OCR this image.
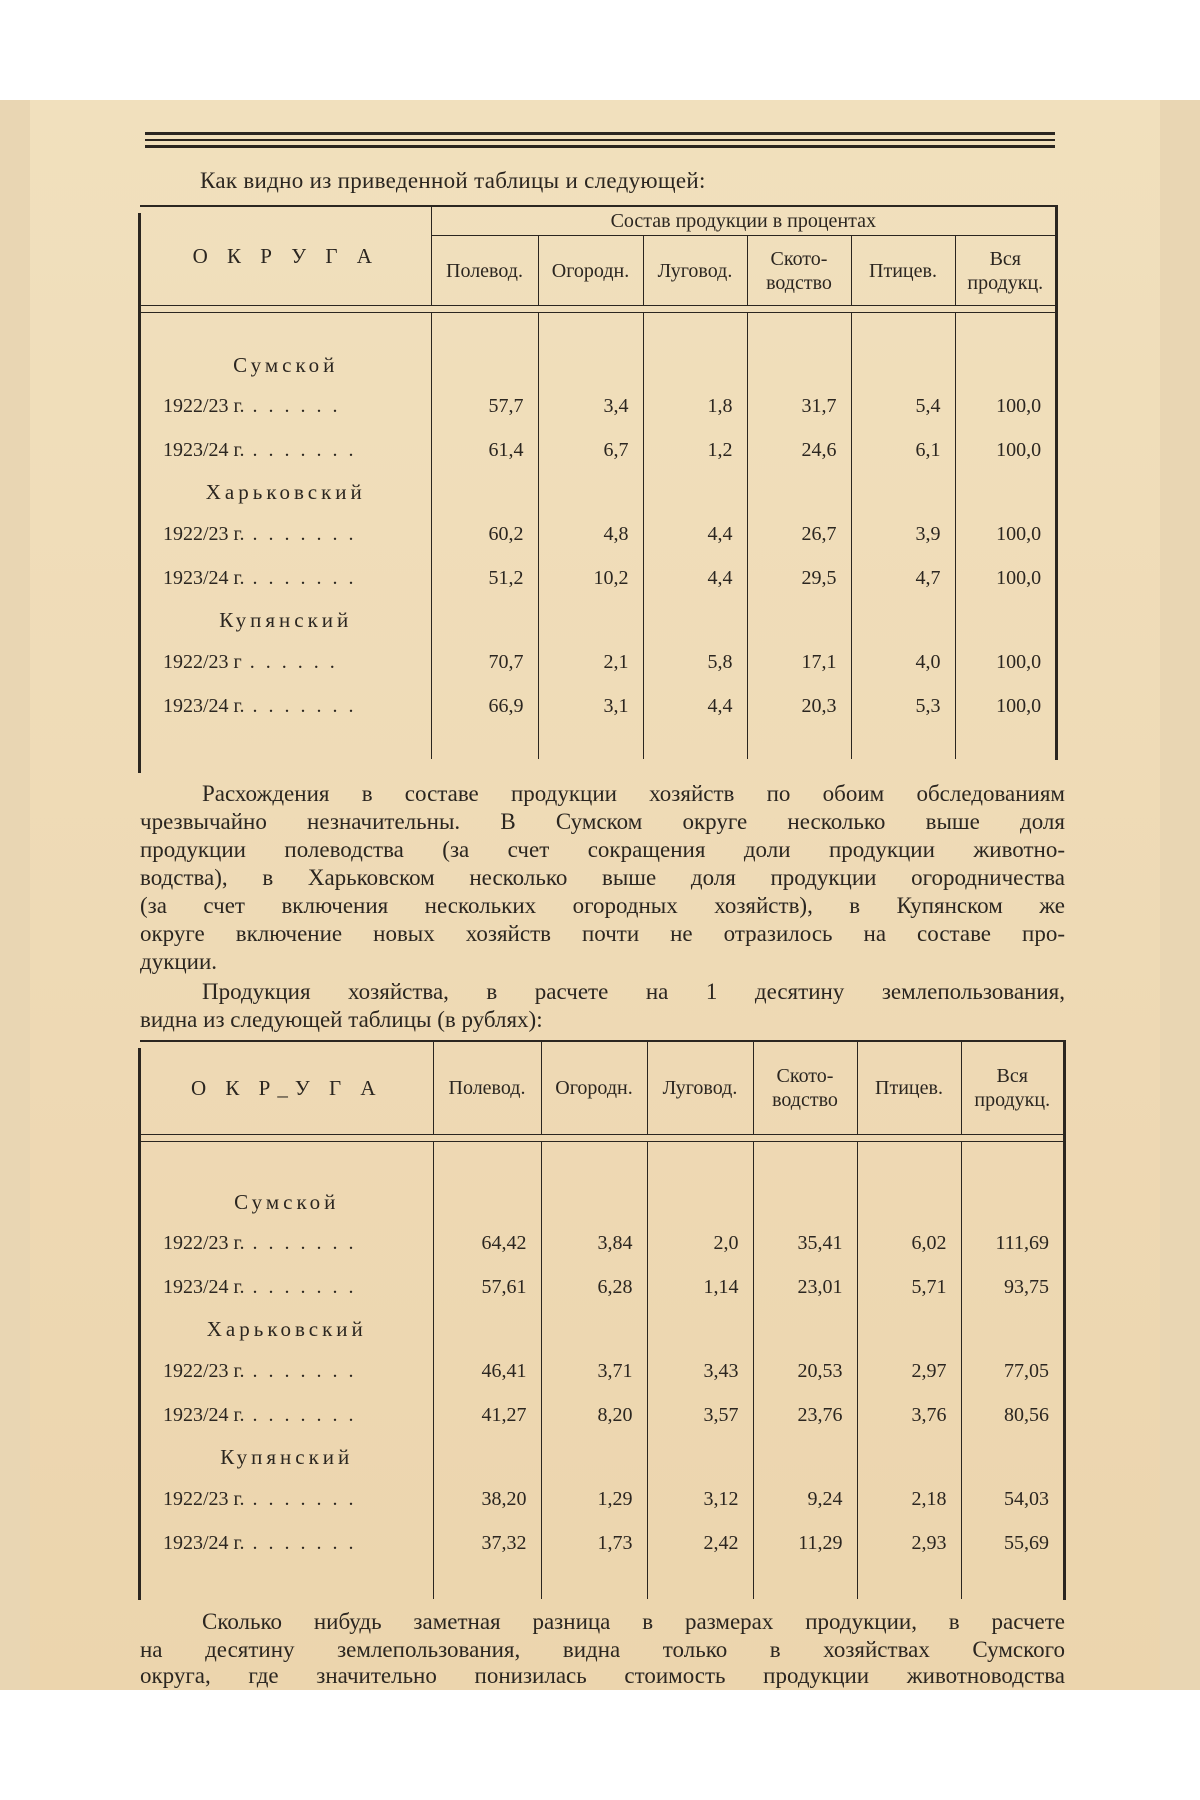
Как видно из приведенной таблицы и следующей:
О К Р У Г А	Состав продукции в процентах					
	Полевод.	Огородн.	Луговод.	Ското- водство	Птицев.	Вся продукц.

Сумской						
1922/23 г. . . . . . .	57,7	3,4	1,8	31,7	5,4	100,0
1923/24 г. . . . . . . .	61,4	6,7	1,2	24,6	6,1	100,0
Харьковский						
1922/23 г. . . . . . . .	60,2	4,8	4,4	26,7	3,9	100,0
1923/24 г. . . . . . . .	51,2	10,2	4,4	29,5	4,7	100,0
Купянский						
1922/23 г . . . . . .	70,7	2,1	5,8	17,1	4,0	100,0
1923/24 г. . . . . . . .	66,9	3,1	4,4	20,3	5,3	100,0

Расхождения в составе продукции хозяйств по обоим обследованиям
чрезвычайно незначительны. В Сумском округе несколько выше доля
продукции полеводства (за счет сокращения доли продукции животно-
водства), в Харьковском несколько выше доля продукции огородничества
(за счет включения нескольких огородных хозяйств), в Купянском же
округе включение новых хозяйств почти не отразилось на составе про-
дукции.
Продукция хозяйства, в расчете на 1 десятину землепользования,
видна из следующей таблицы (в рублях):
О К Р_У Г А	Полевод.	Огородн.	Луговод.	Ското- водство	Птицев.	Вся продукц.

Сумской						
1922/23 г. . . . . . . .	64,42	3,84	2,0	35,41	6,02	111,69
1923/24 г. . . . . . . .	57,61	6,28	1,14	23,01	5,71	93,75
Харьковский						
1922/23 г. . . . . . . .	46,41	3,71	3,43	20,53	2,97	77,05
1923/24 г. . . . . . . .	41,27	8,20	3,57	23,76	3,76	80,56
Купянский						
1922/23 г. . . . . . . .	38,20	1,29	3,12	9,24	2,18	54,03
1923/24 г. . . . . . . .	37,32	1,73	2,42	11,29	2,93	55,69

Сколько нибудь заметная разница в размерах продукции, в расчете
на десятину землепользования, видна только в хозяйствах Сумского
округа, где значительно понизилась стоимость продукции животноводства
